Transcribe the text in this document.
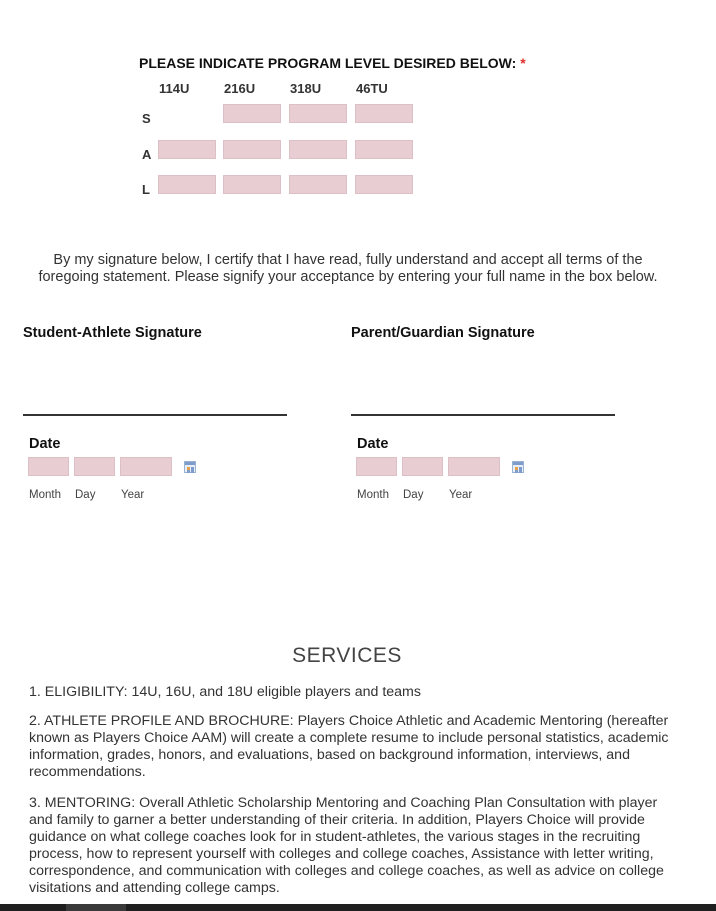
PLEASE INDICATE PROGRAM LEVEL DESIRED BELOW: *
114U	216U	318U	46TU
S
A
L
By my signature below, I certify that I have read, fully understand and accept all terms of the foregoing statement. Please signify your acceptance by entering your full name in the box below.
Student-Athlete Signature	Parent/Guardian Signature
Date
Month Day Year
Date
Month Day Year
SERVICES
1. ELIGIBILITY: 14U, 16U, and 18U eligible players and teams
2. ATHLETE PROFILE AND BROCHURE: Players Choice Athletic and Academic Mentoring (hereafter known as Players Choice AAM) will create a complete resume to include personal statistics, academic information, grades, honors, and evaluations, based on background information, interviews, and recommendations.
3. MENTORING: Overall Athletic Scholarship Mentoring and Coaching Plan Consultation with player and family to garner a better understanding of their criteria. In addition, Players Choice will provide guidance on what college coaches look for in student-athletes, the various stages in the recruiting process, how to represent yourself with colleges and college coaches, Assistance with letter writing, correspondence, and communication with colleges and college coaches, as well as advice on college visitations and attending college camps.
